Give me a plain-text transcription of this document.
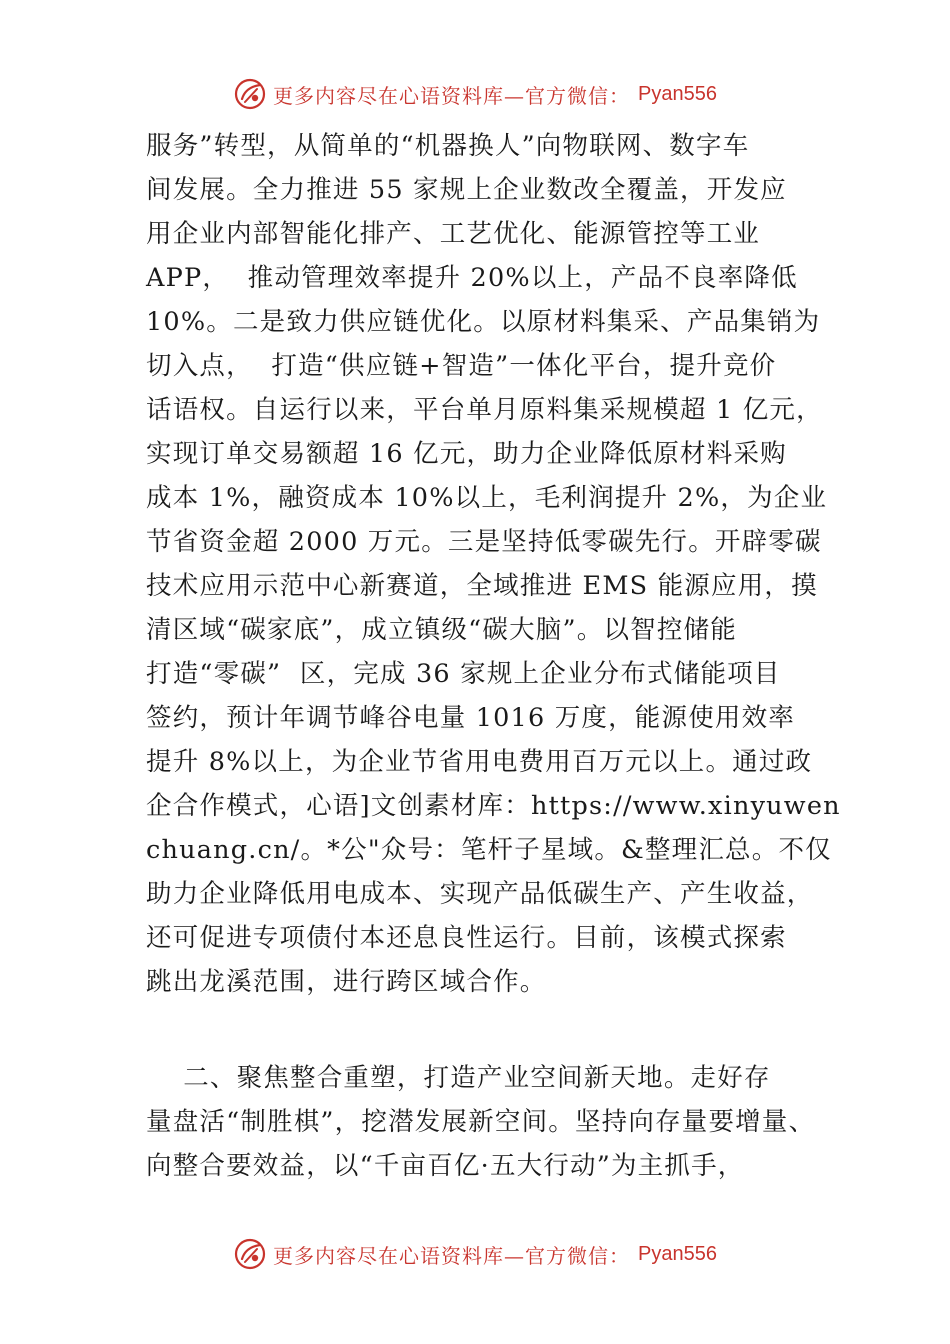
更多内容尽在心语资料库—官方微信： Pyan556
服务”转型，从简单的“机器换人”向物联网、数字车
间发展。全力推进 55 家规上企业数改全覆盖，开发应
用企业内部智能化排产、工艺优化、能源管控等工业
APP，  推动管理效率提升 20%以上，产品不良率降低
10%。二是致力供应链优化。以原材料集采、产品集销为
切入点，  打造“供应链+智造”一体化平台，提升竞价
话语权。自运行以来，平台单月原料集采规模超 1 亿元，
实现订单交易额超 16 亿元，助力企业降低原材料采购
成本 1%，融资成本 10%以上，毛利润提升 2%，为企业
节省资金超 2000 万元。三是坚持低零碳先行。开辟零碳
技术应用示范中心新赛道，全域推进 EMS 能源应用，摸
清区域“碳家底”，成立镇级“碳大脑”。以智控储能
打造“零碳”  区，完成 36 家规上企业分布式储能项目
签约，预计年调节峰谷电量 1016 万度，能源使用效率
提升 8%以上，为企业节省用电费用百万元以上。通过政
企合作模式，心语]文创素材库：https://www.xinyuwen
chuang.cn/。*公"众号：笔杆子星域。&整理汇总。不仅
助力企业降低用电成本、实现产品低碳生产、产生收益，
还可促进专项债付本还息良性运行。目前，该模式探索
跳出龙溪范围，进行跨区域合作。
二、聚焦整合重塑，打造产业空间新天地。走好存
量盘活“制胜棋”，挖潜发展新空间。坚持向存量要增量、
向整合要效益，以“千亩百亿·五大行动”为主抓手，
更多内容尽在心语资料库—官方微信： Pyan556
